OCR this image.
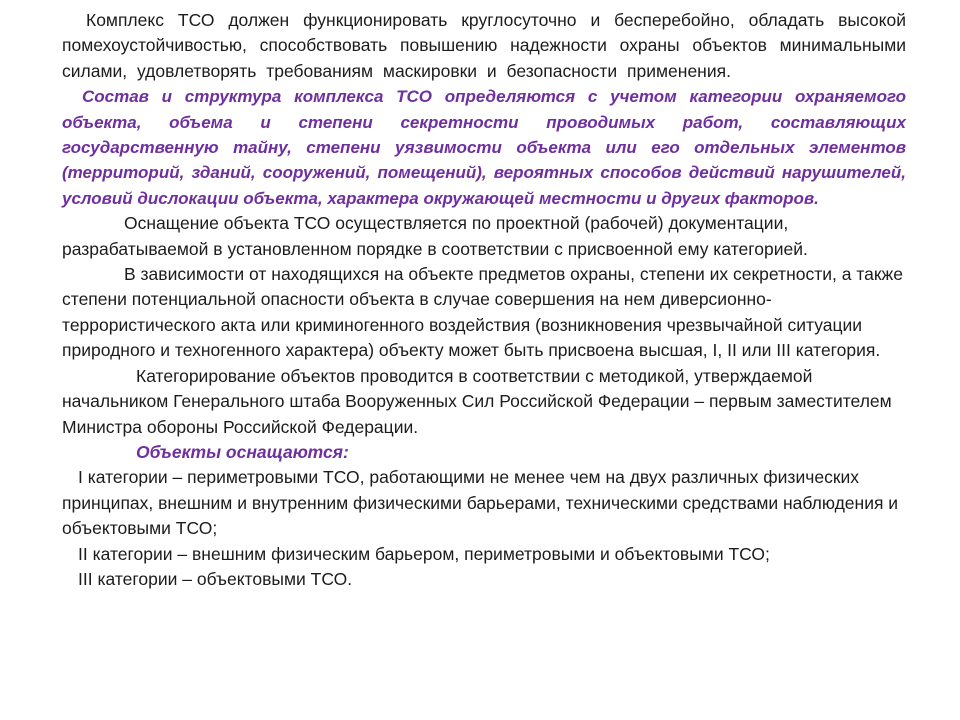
Комплекс ТСО должен функционировать круглосуточно и бесперебойно, обладать высокой помехоустойчивостью, способствовать повышению надежности охраны объектов минимальными силами, удовлетворять требованиям маскировки и безопасности применения.

Состав и структура комплекса ТСО определяются с учетом категории охраняемого объекта, объема и степени секретности проводимых работ, составляющих государственную тайну, степени уязвимости объекта или его отдельных элементов (территорий, зданий, сооружений, помещений), вероятных способов действий нарушителей, условий дислокации объекта, характера окружающей местности и других факторов.

Оснащение объекта ТСО осуществляется по проектной (рабочей) документации, разрабатываемой в установленном порядке в соответствии с присвоенной ему категорией.

В зависимости от находящихся на объекте предметов охраны, степени их секретности, а также степени потенциальной опасности объекта в случае совершения на нем диверсионно-террористического акта или криминогенного воздействия (возникновения чрезвычайной ситуации природного и техногенного характера) объекту может быть присвоена высшая, I, II или III категория.

Категорирование объектов проводится в соответствии с методикой, утверждаемой начальником Генерального штаба Вооруженных Сил Российской Федерации – первым заместителем Министра обороны Российской Федерации.

Объекты оснащаются:

I категории – периметровыми ТСО, работающими не менее чем на двух различных физических принципах, внешним и внутренним физическими барьерами, техническими средствами наблюдения и объектовыми ТСО;

II категории – внешним физическим барьером, периметровыми и объектовыми ТСО;

III категории – объектовыми ТСО.
